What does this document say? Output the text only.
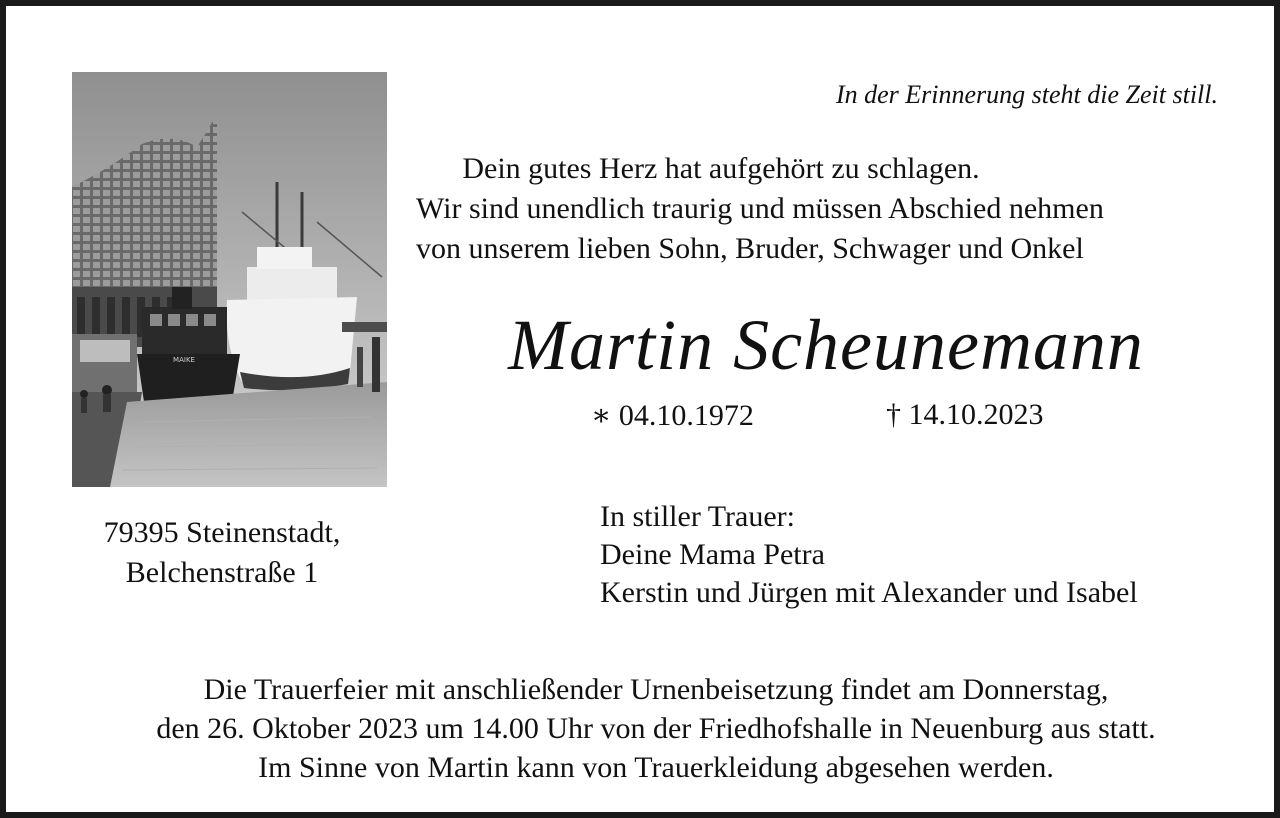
MAIKE
In der Erinnerung steht die Zeit still.
Dein gutes Herz hat aufgehört zu schlagen.
Wir sind unendlich traurig und müssen Abschied nehmen
von unserem lieben Sohn, Bruder, Schwager und Onkel
Martin Scheunemann
∗ 04.10.1972	† 14.10.2023
79395 Steinenstadt,
Belchenstraße 1
In stiller Trauer:
Deine Mama Petra
Kerstin und Jürgen mit Alexander und Isabel
Die Trauerfeier mit anschließender Urnenbeisetzung findet am Donnerstag,
den 26. Oktober 2023 um 14.00 Uhr von der Friedhofshalle in Neuenburg aus statt.
Im Sinne von Martin kann von Trauerkleidung abgesehen werden.
